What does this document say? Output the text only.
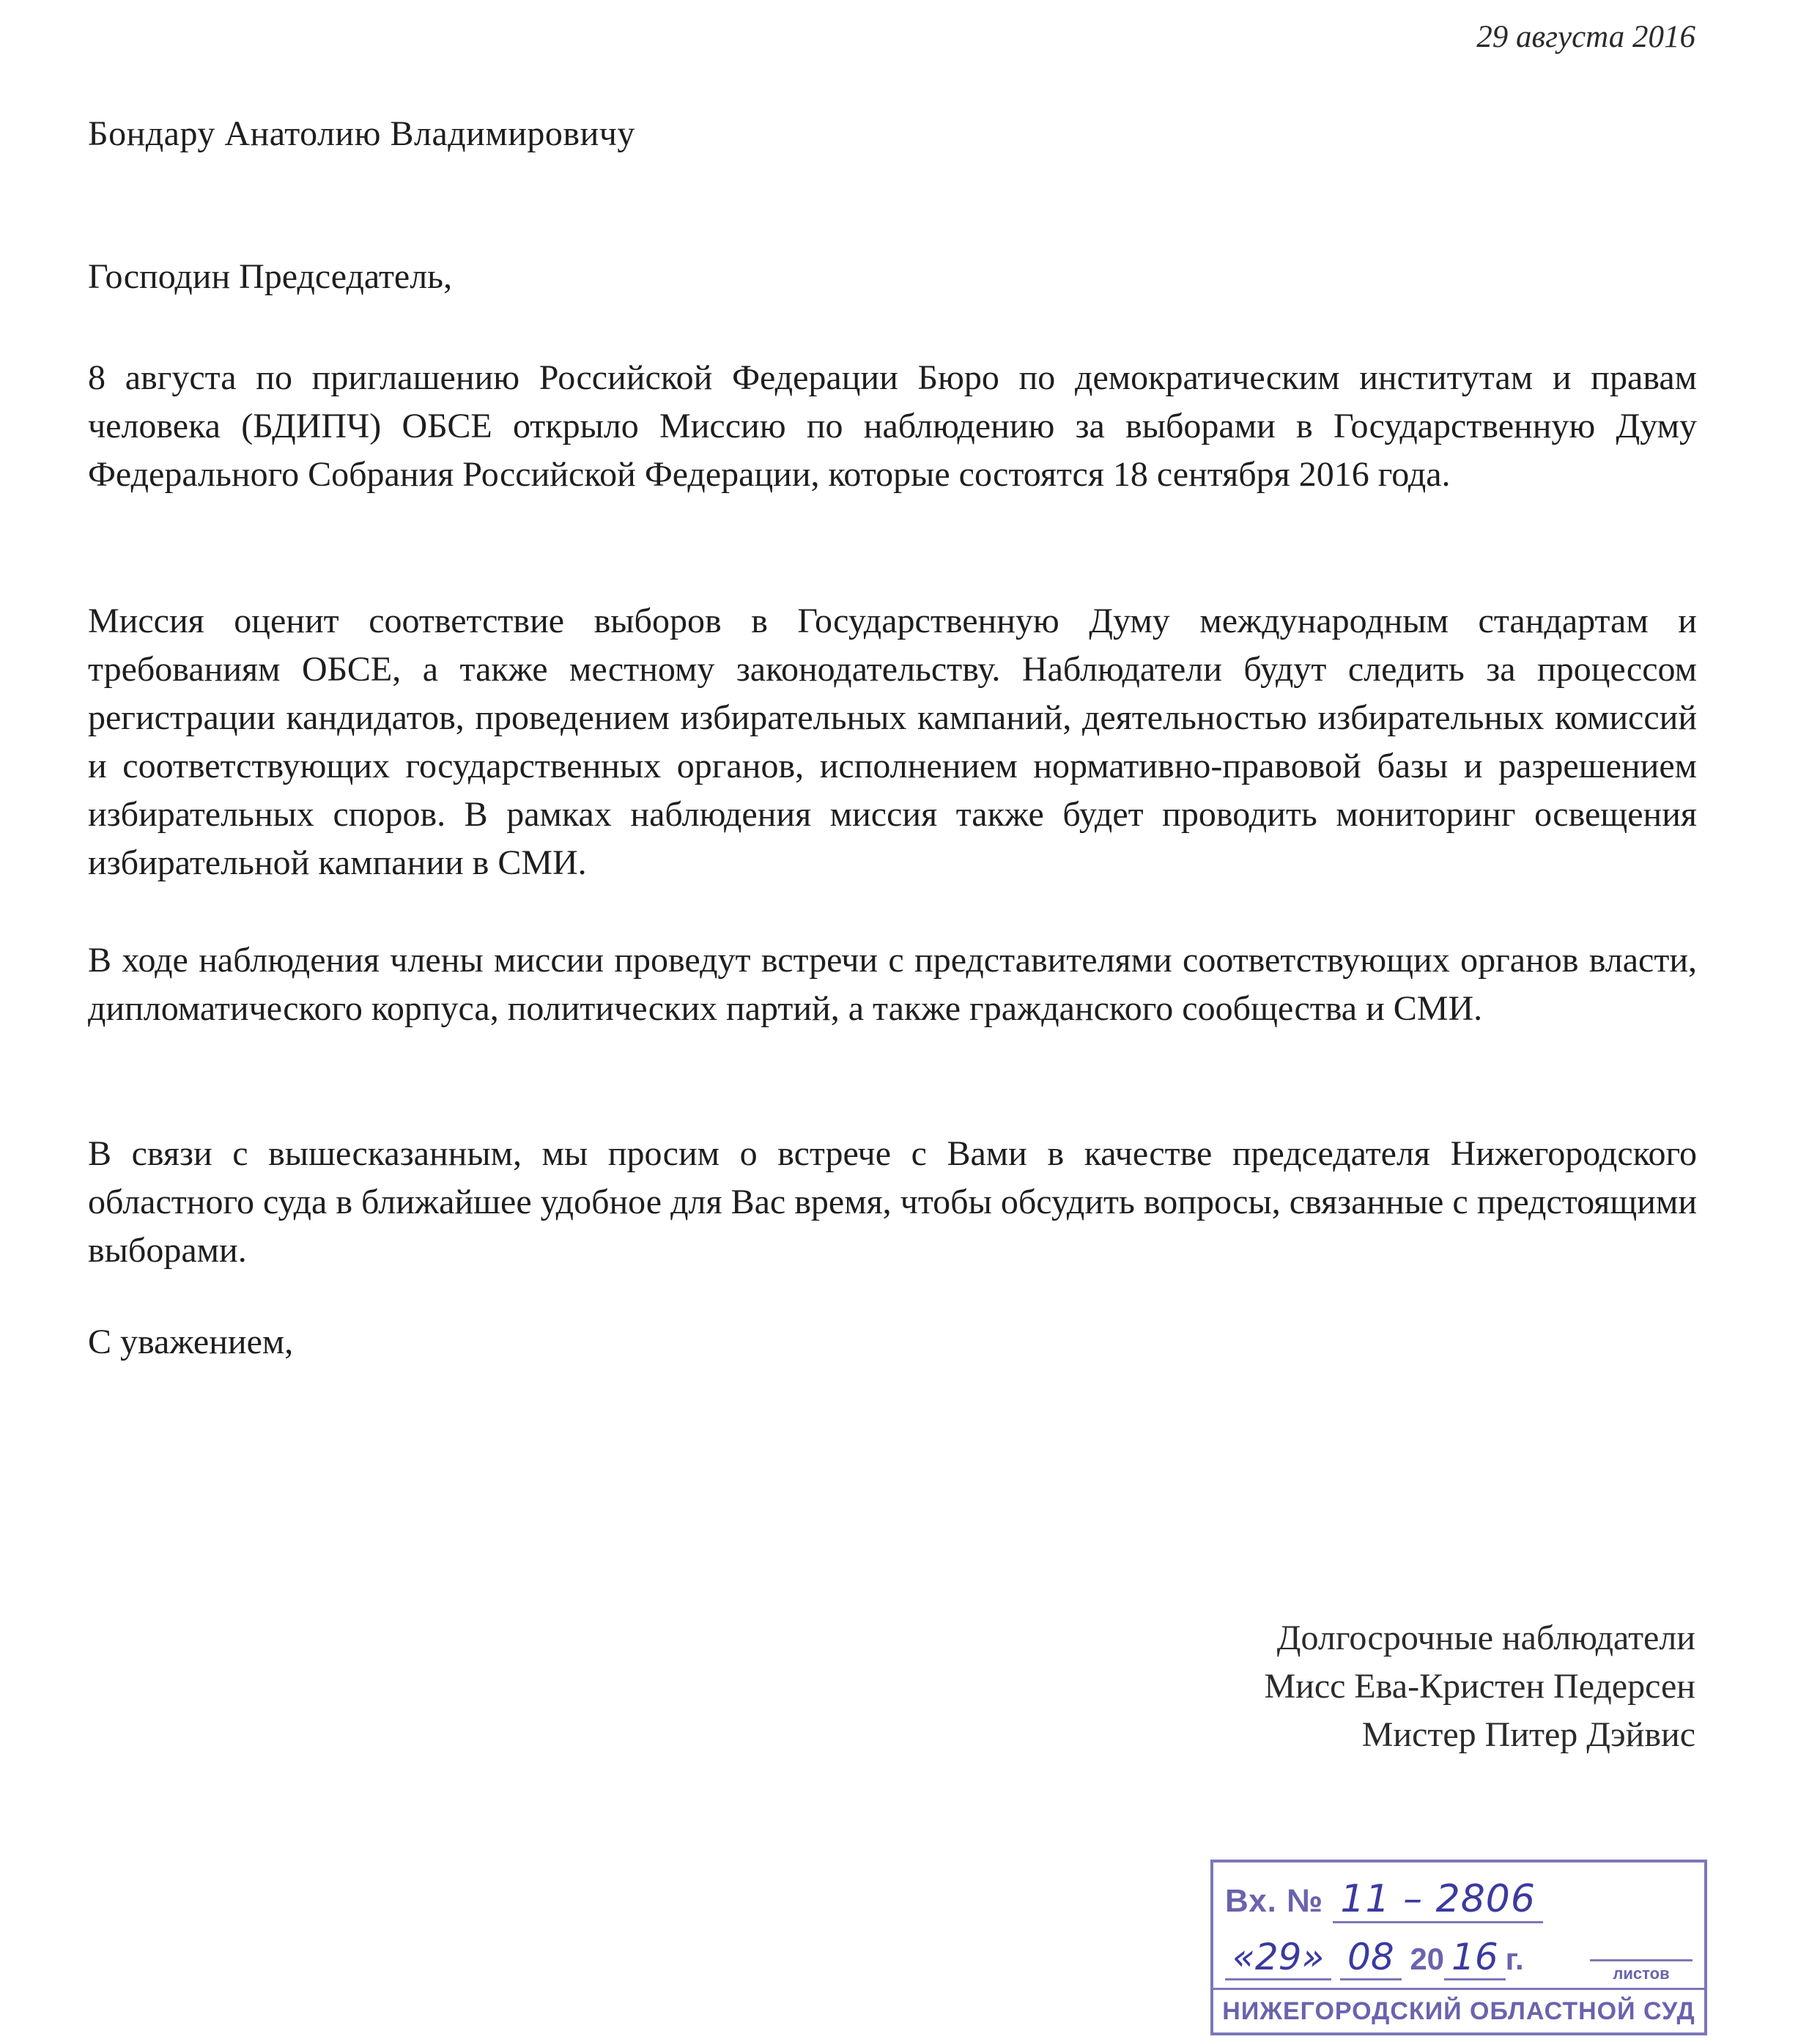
29 августа 2016
Бондару Анатолию Владимировичу
Господин Председатель,
8 августа по приглашению Российской Федерации Бюро по демократическим институтам и правам человека (БДИПЧ) ОБСЕ открыло Миссию по наблюдению за выборами в Государственную Думу Федерального Собрания Российской Федерации, которые состоятся 18 сентября 2016 года.
Миссия оценит соответствие выборов в Государственную Думу международным стандартам и требованиям ОБСЕ, а также местному законодательству. Наблюдатели будут следить за процессом регистрации кандидатов, проведением избирательных кампаний, деятельностью избирательных комиссий и соответствующих государственных органов, исполнением нормативно-правовой базы и разрешением избирательных споров. В рамках наблюдения миссия также будет проводить мониторинг освещения избирательной кампании в СМИ.
В ходе наблюдения члены миссии проведут встречи с представителями соответствующих органов власти, дипломатического корпуса, политических партий, а также гражданского сообщества и СМИ.
В связи с вышесказанным, мы просим о встрече с Вами в качестве председателя Нижегородского областного суда в ближайшее удобное для Вас время, чтобы обсудить вопросы, связанные с предстоящими выборами.
С уважением,
Долгосрочные наблюдатели
Мисс Ева-Кристен Педерсен
Мистер Питер Дэйвис
Вх. № 11 – 2806
«29» 08 20 16 г.	листов
НИЖЕГОРОДСКИЙ ОБЛАСТНОЙ СУД
